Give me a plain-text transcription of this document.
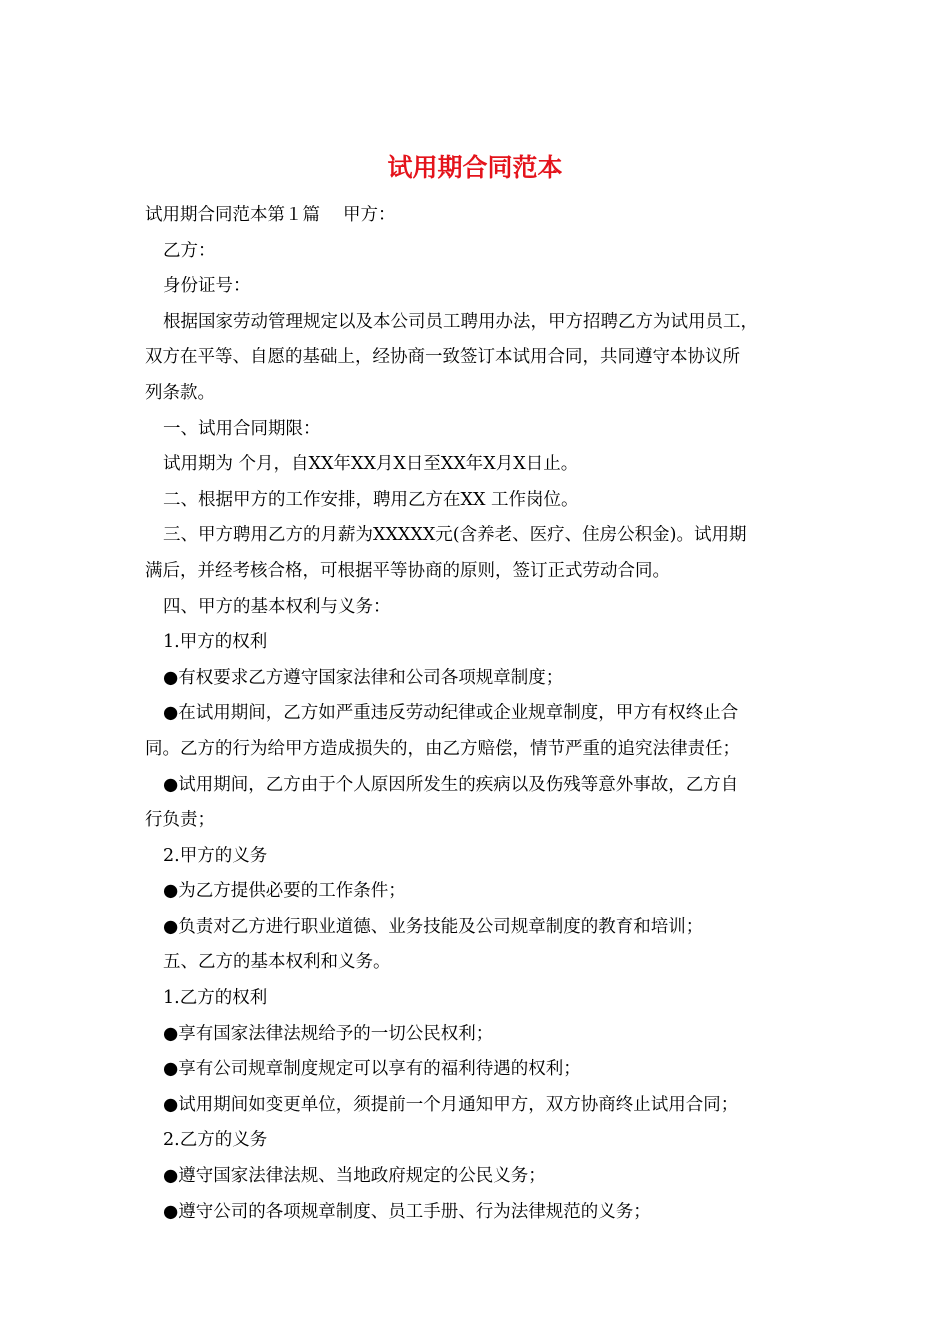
试用期合同范本

试用期合同范本第１篇　 甲方：

乙方：

身份证号：

根据国家劳动管理规定以及本公司员工聘用办法，甲方招聘乙方为试用员工，

双方在平等、自愿的基础上，经协商一致签订本试用合同，共同遵守本协议所

列条款。

一、试用合同期限：

试用期为 个月，自XX年XX月X日至XX年X月X日止。

二、根据甲方的工作安排，聘用乙方在XX 工作岗位。

三、甲方聘用乙方的月薪为XXXXX元(含养老、医疗、住房公积金)。试用期

满后，并经考核合格，可根据平等协商的原则，签订正式劳动合同。

四、甲方的基本权利与义务：

1.甲方的权利

●有权要求乙方遵守国家法律和公司各项规章制度；

●在试用期间，乙方如严重违反劳动纪律或企业规章制度，甲方有权终止合

同。乙方的行为给甲方造成损失的，由乙方赔偿，情节严重的追究法律责任；

●试用期间，乙方由于个人原因所发生的疾病以及伤残等意外事故，乙方自

行负责；

2.甲方的义务

●为乙方提供必要的工作条件；

●负责对乙方进行职业道德、业务技能及公司规章制度的教育和培训；

五、乙方的基本权利和义务。

1.乙方的权利

●享有国家法律法规给予的一切公民权利；

●享有公司规章制度规定可以享有的福利待遇的权利；

●试用期间如变更单位，须提前一个月通知甲方，双方协商终止试用合同；

2.乙方的义务

●遵守国家法律法规、当地政府规定的公民义务；

●遵守公司的各项规章制度、员工手册、行为法律规范的义务；
